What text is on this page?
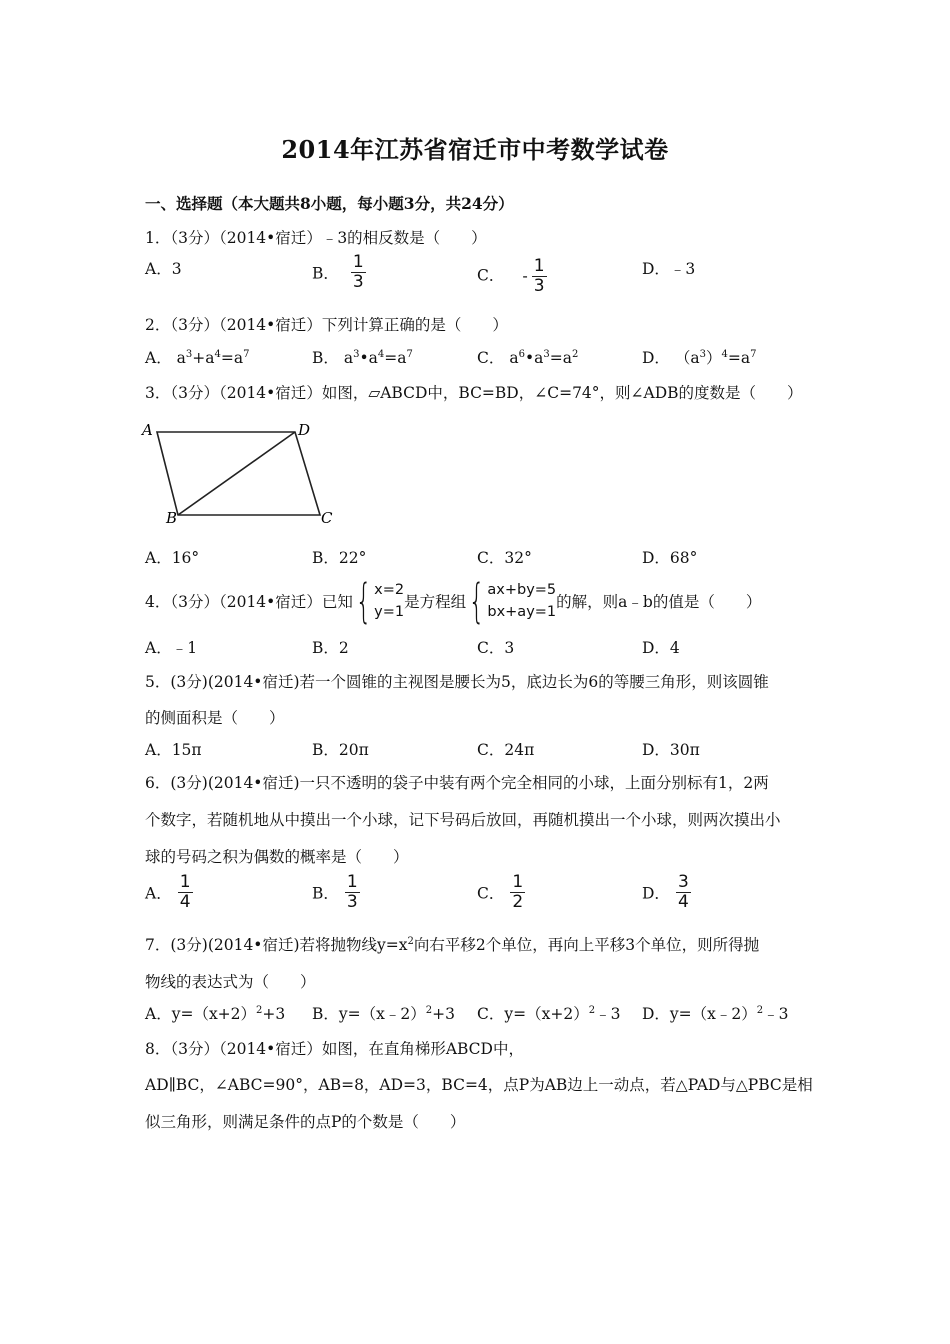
2014年江苏省宿迁市中考数学试卷
一、选择题（本大题共8小题，每小题3分，共24分）
1．（3分）（2014•宿迁）﹣3的相反数是（　　）
A．3	B． $\frac{1}{3}$	C． - $\frac{1}{3}$	D．﹣3
2．（3分）（2014•宿迁）下列计算正确的是（　　）
A． $a^3+a^4=a^7$	B． $a^3•a^4=a^7$	C． $a^6•a^3=a^2$	D． $(a^3)^4=a^7$
3．（3分）（2014•宿迁）如图，▱ABCD中，BC=BD，∠C=74°，则∠ADB的度数是（　　）
A	D
B	C
A．16°	B．22°	C．32°	D．68°
4．（3分）（2014•宿迁）已知 { x=2
y=1
是方程组 { ax+by=5
bx+ay=1
的解，则a﹣b的值是（　　）
A．﹣1	B．2	C．3	D．4
5．(3分)(2014•宿迁)若一个圆锥的主视图是腰长为5，底边长为6的等腰三角形，则该圆锥
的侧面积是（　　）
A．15π	B．20π	C．24π	D．30π
6．(3分)(2014•宿迁)一只不透明的袋子中装有两个完全相同的小球，上面分别标有1，2两
个数字，若随机地从中摸出一个小球，记下号码后放回，再随机摸出一个小球，则两次摸出小
球的号码之积为偶数的概率是（　　）
A． $\frac{1}{4}$	B． $\frac{1}{3}$	C． $\frac{1}{2}$	D． $\frac{3}{4}$
7．(3分)(2014•宿迁)若将抛物线$y=x^2$向右平移2个单位，再向上平移3个单位，则所得抛
物线的表达式为（　　）
A．$y=(x+2)^2+3$ B．y=（x﹣2）$^2$+3 C．$y=(x+2)^2﹣3$ D．y=（x﹣2）$^2$﹣3
8．（3分）（2014•宿迁）如图，在直角梯形ABCD中，
AD∥BC，∠ABC=90°，AB=8，AD=3，BC=4，点P为AB边上一动点，若△PAD与△PBC是相
似三角形，则满足条件的点P的个数是（　　）
